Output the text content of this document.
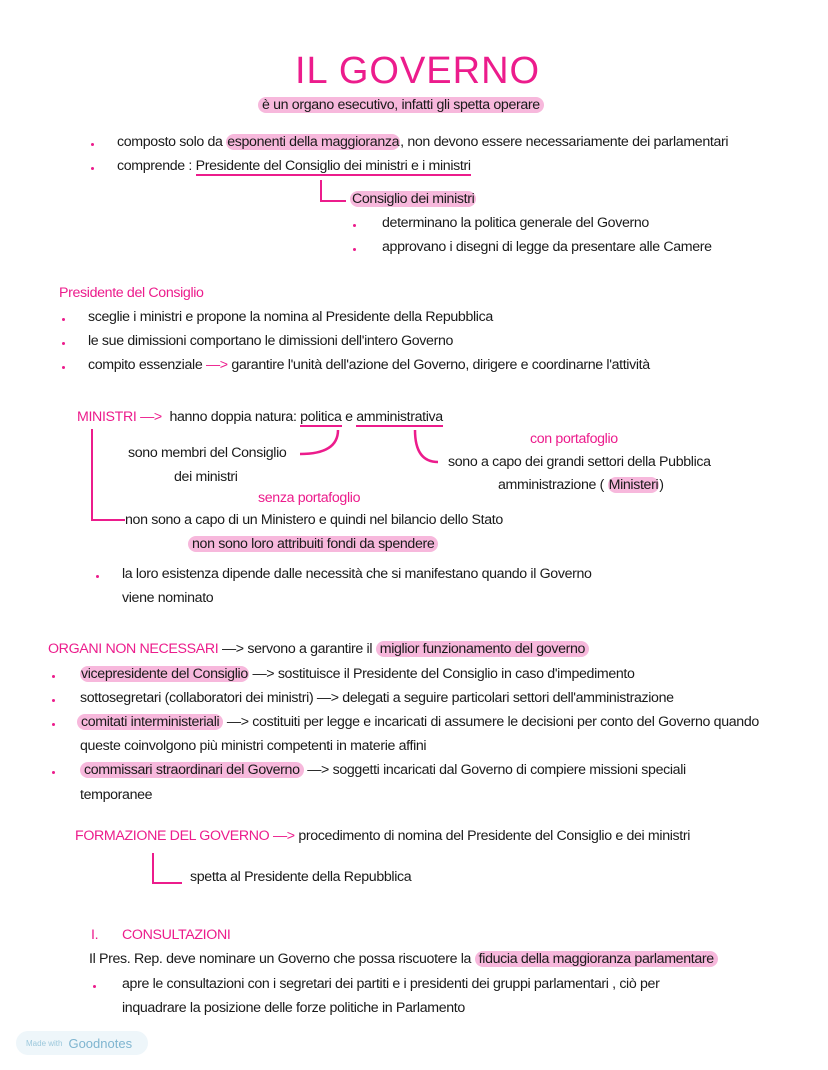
IL GOVERNO
è un organo esecutivo, infatti gli spetta operare
composto solo da esponenti della maggioranza, non devono essere necessariamente dei parlamentari
comprende : Presidente del Consiglio dei ministri e i ministri
Consiglio dei ministri
determinano la politica generale del Governo
approvano i disegni di legge da presentare alle Camere
Presidente del Consiglio
sceglie i ministri e propone la nomina al Presidente della Repubblica
le sue dimissioni comportano le dimissioni dell'intero Governo
compito essenziale —> garantire l'unità dell'azione del Governo, dirigere e coordinarne l'attività
MINISTRI —> hanno doppia natura: politica e amministrativa
sono membri del Consiglio
dei ministri
con portafoglio
sono a capo dei grandi settori della Pubblica
amministrazione ( Ministeri)
senza portafoglio
non sono a capo di un Ministero e quindi nel bilancio dello Stato
non sono loro attribuiti fondi da spendere
la loro esistenza dipende dalle necessità che si manifestano quando il Governo
viene nominato
ORGANI NON NECESSARI —> servono a garantire il miglior funzionamento del governo
vicepresidente del Consiglio —> sostituisce il Presidente del Consiglio in caso d'impedimento
sottosegretari (collaboratori dei ministri) —> delegati a seguire particolari settori dell'amministrazione
comitati interministeriali —> costituiti per legge e incaricati di assumere le decisioni per conto del Governo quando
queste coinvolgono più ministri competenti in materie affini
commissari straordinari del Governo —> soggetti incaricati dal Governo di compiere missioni speciali
temporanee
FORMAZIONE DEL GOVERNO —> procedimento di nomina del Presidente del Consiglio e dei ministri
spetta al Presidente della Repubblica
I. CONSULTAZIONI
Il Pres. Rep. deve nominare un Governo che possa riscuotere la fiducia della maggioranza parlamentare
apre le consultazioni con i segretari dei partiti e i presidenti dei gruppi parlamentari , ciò per
inquadrare la posizione delle forze politiche in Parlamento
Made with Goodnotes
